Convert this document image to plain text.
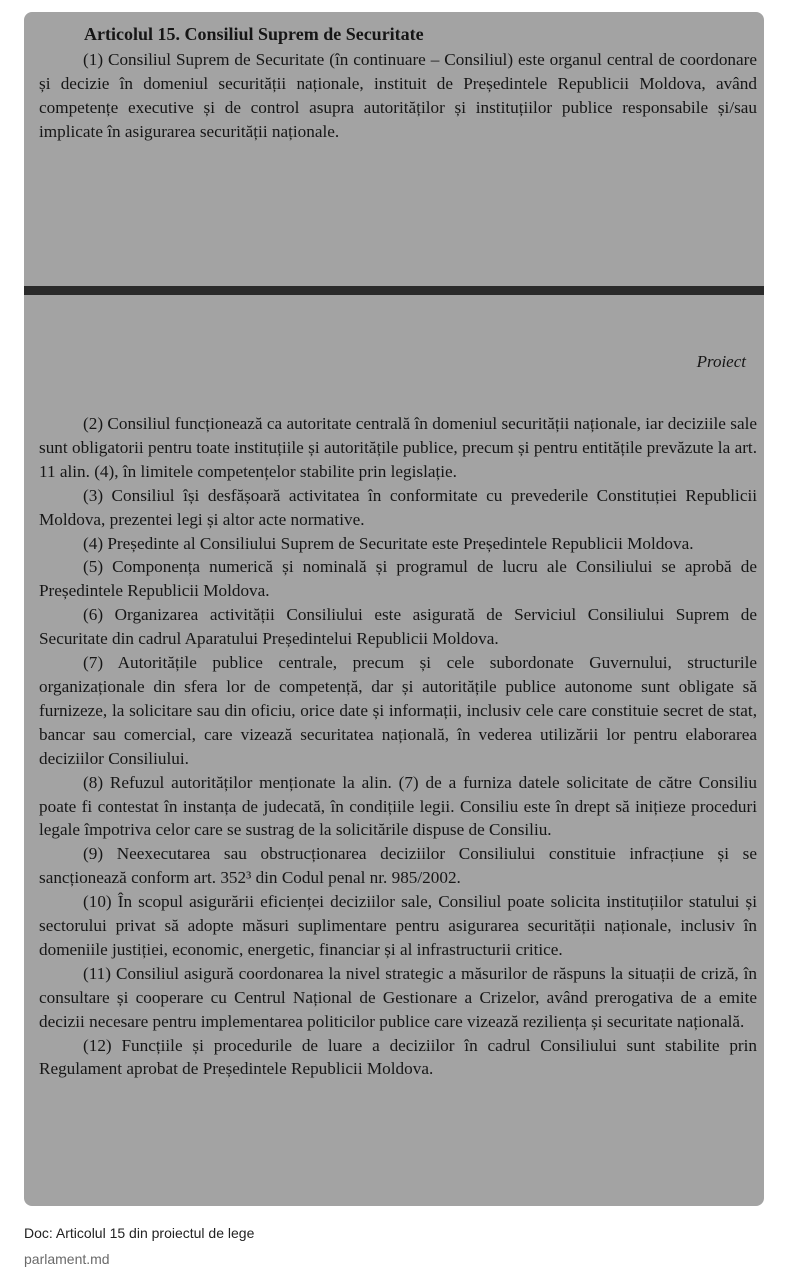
Articolul 15. Consiliul Suprem de Securitate

(1) Consiliul Suprem de Securitate (în continuare – Consiliul) este organul central de coordonare și decizie în domeniul securității naționale, instituit de Președintele Republicii Moldova, având competențe executive și de control asupra autorităților și instituțiilor publice responsabile și/sau implicate în asigurarea securității naționale.

Proiect

(2) Consiliul funcționează ca autoritate centrală în domeniul securității naționale, iar deciziile sale sunt obligatorii pentru toate instituțiile și autoritățile publice, precum și pentru entitățile prevăzute la art. 11 alin. (4), în limitele competențelor stabilite prin legislație.

(3) Consiliul își desfășoară activitatea în conformitate cu prevederile Constituției Republicii Moldova, prezentei legi și altor acte normative.

(4) Președinte al Consiliului Suprem de Securitate este Președintele Republicii Moldova.

(5) Componența numerică și nominală și programul de lucru ale Consiliului se aprobă de Președintele Republicii Moldova.

(6) Organizarea activității Consiliului este asigurată de Serviciul Consiliului Suprem de Securitate din cadrul Aparatului Președintelui Republicii Moldova.

(7) Autoritățile publice centrale, precum și cele subordonate Guvernului, structurile organizaționale din sfera lor de competență, dar și autoritățile publice autonome sunt obligate să furnizeze, la solicitare sau din oficiu, orice date și informații, inclusiv cele care constituie secret de stat, bancar sau comercial, care vizează securitatea națională, în vederea utilizării lor pentru elaborarea deciziilor Consiliului.

(8) Refuzul autorităților menționate la alin. (7) de a furniza datele solicitate de către Consiliu poate fi contestat în instanța de judecată, în condițiile legii. Consiliu este în drept să inițieze proceduri legale împotriva celor care se sustrag de la solicitările dispuse de Consiliu.

(9) Neexecutarea sau obstrucționarea deciziilor Consiliului constituie infracțiune și se sancționează conform art. 352³ din Codul penal nr. 985/2002.

(10) În scopul asigurării eficienței deciziilor sale, Consiliul poate solicita instituțiilor statului și sectorului privat să adopte măsuri suplimentare pentru asigurarea securității naționale, inclusiv în domeniile justiției, economic, energetic, financiar și al infrastructurii critice.

(11) Consiliul asigură coordonarea la nivel strategic a măsurilor de răspuns la situații de criză, în consultare și cooperare cu Centrul Național de Gestionare a Crizelor, având prerogativa de a emite decizii necesare pentru implementarea politicilor publice care vizează reziliența și securitate națională.

(12) Funcțiile și procedurile de luare a deciziilor în cadrul Consiliului sunt stabilite prin Regulament aprobat de Președintele Republicii Moldova.

Doc: Articolul 15 din proiectul de lege

parlament.md
